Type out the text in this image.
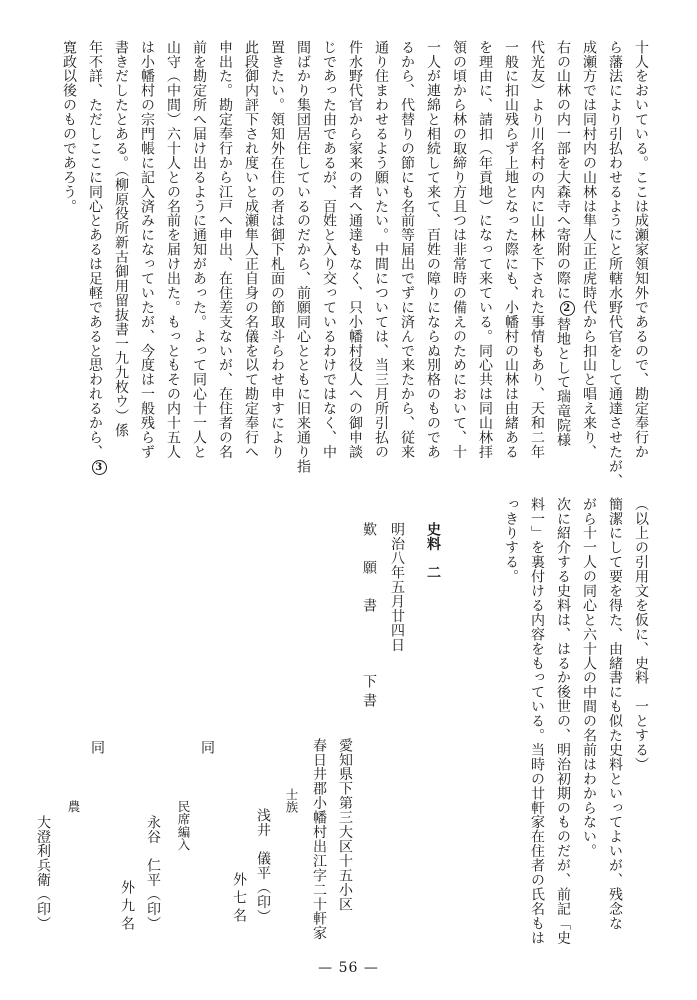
十人をおいている。ここは成瀬家領知外であるので、勘定奉行か

ら藩法により引払わせるようにと所轄水野代官をして通達させたが、

成瀬方では同村内の山林は隼人正正虎時代から扣山と唱え来り、

右の山林の内一部を大森寺へ寄附の際に2替地として瑞竜院様

代光友）より川名村の内に山林を下された事情もあり、天和二年

一般に扣山残らず上地となった際にも、小幡村の山林は由緒ある

を理由に、請扣（年貢地）になって来ている。同心共は同山林拝

領の頃から林の取締り方且つは非常時の備えのためにおいて、十

一人が連綿と相続して来て、百姓の障りにならぬ別格のものであ

るから、代替りの節にも名前等届出でずに済んで来たから、従来

通り住まわせるよう願いたい。中間については、当三月所引払の

件水野代官から家来の者へ通達もなく、只小幡村役人への御申談

じであった由であるが、百姓と入り交っているわけではなく、中

間ばかり集団居住しているのだから、前願同心とともに旧来通り指

置きたい。領知外在住の者は御下札面の節取斗らわせ申すにより

此段御内評下され度いと成瀬隼人正自身の名儀を以て勘定奉行へ

申出た。勘定奉行から江戸へ申出、在住差支ないが、在住者の名

前を勘定所へ届け出るように通知があった。よって同心十一人と

山守（中間）六十人との名前を届け出た。もっともその内十五人

は小幡村の宗門帳に記入済みになっていたが、今度は一般残らず

書きだしたとある。（柳原役所新古御用留抜書一九九枚ウ）係

年不詳、ただしここに同心とあるは足軽であると思われるから、3

寛政以後のものであろう。

（以上の引用文を仮に、史料　一とする）

簡潔にして要を得た、由緒書にも似た史料といってよいが、残念な

がら十一人の同心と六十人の中間の名前はわからない。

次に紹介する史料は、はるか後世の、明治初期のものだが、前記「史

料一」を裏付ける内容をもっている。当時の廿軒家在住者の氏名もは

っきりする。

史料　二

明治八年五月廿四日

歎　願　書　　　下書

愛知県下第三大区十五小区

春日井郡小幡村出江字二十軒家

士族

浅井　儀平（印）

外七名

同

民席編入

永谷　仁平（印）

外九名

同

農

大澄利兵衛（印）

— 56 —
